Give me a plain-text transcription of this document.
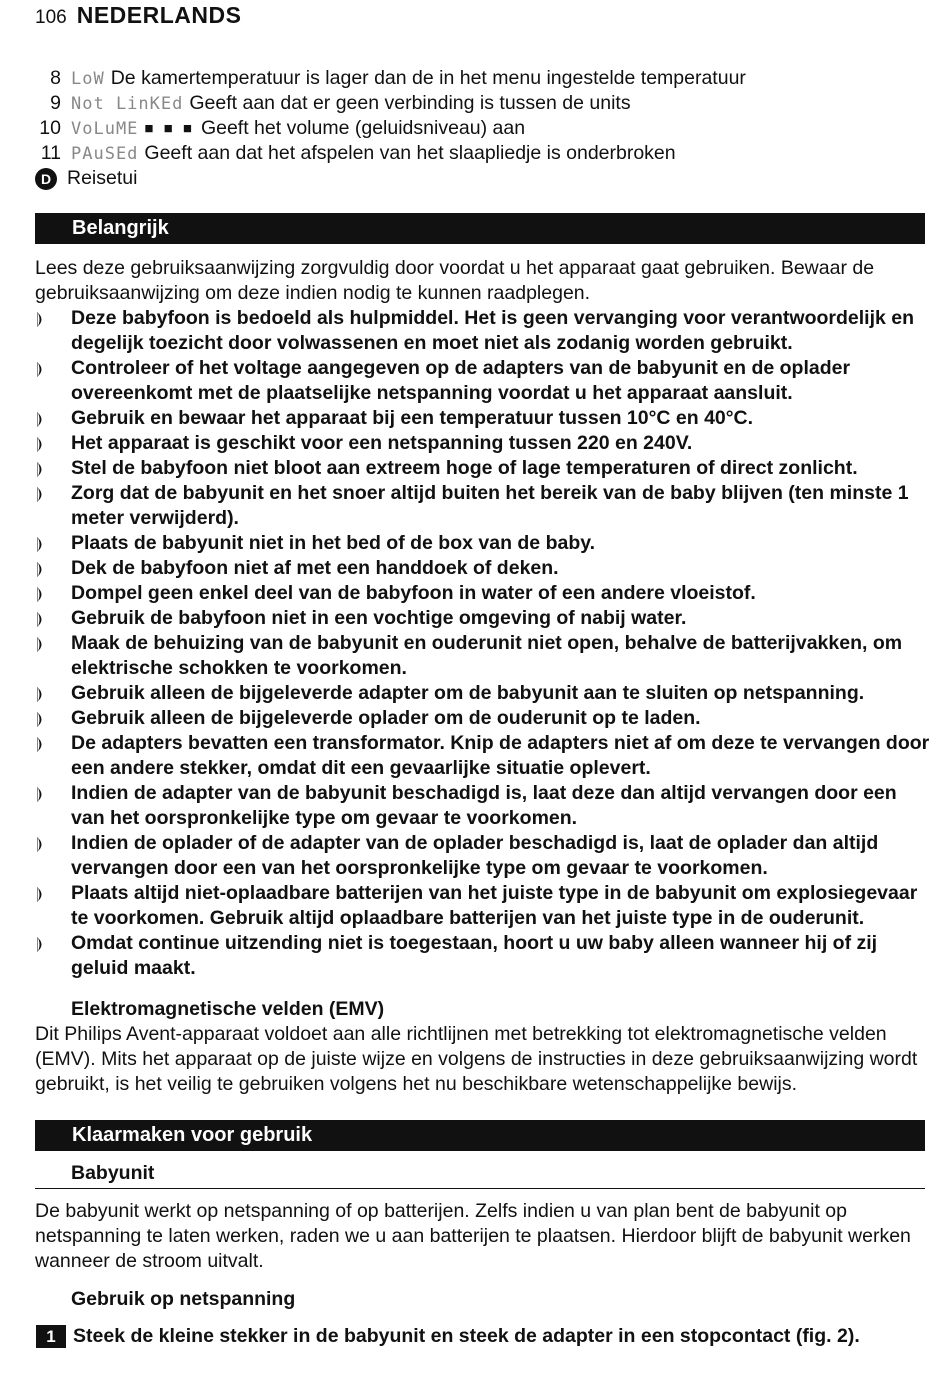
106 NEDERLANDS
8 LoW De kamertemperatuur is lager dan de in het menu ingestelde temperatuur
9 Not LinKEd Geeft aan dat er geen verbinding is tussen de units
10 VoLuME ■ ■ ■ Geeft het volume (geluidsniveau) aan
11 PAuSEd Geeft aan dat het afspelen van het slaapliedje is onderbroken
D Reisetui
Belangrijk
Lees deze gebruiksaanwijzing zorgvuldig door voordat u het apparaat gaat gebruiken. Bewaar de gebruiksaanwijzing om deze indien nodig te kunnen raadplegen.
Deze babyfoon is bedoeld als hulpmiddel. Het is geen vervanging voor verantwoordelijk en degelijk toezicht door volwassenen en moet niet als zodanig worden gebruikt.
Controleer of het voltage aangegeven op de adapters van de babyunit en de oplader overeenkomt met de plaatselijke netspanning voordat u het apparaat aansluit.
Gebruik en bewaar het apparaat bij een temperatuur tussen 10°C en 40°C.
Het apparaat is geschikt voor een netspanning tussen 220 en 240V.
Stel de babyfoon niet bloot aan extreem hoge of lage temperaturen of direct zonlicht.
Zorg dat de babyunit en het snoer altijd buiten het bereik van de baby blijven (ten minste 1 meter verwijderd).
Plaats de babyunit niet in het bed of de box van de baby.
Dek de babyfoon niet af met een handdoek of deken.
Dompel geen enkel deel van de babyfoon in water of een andere vloeistof.
Gebruik de babyfoon niet in een vochtige omgeving of nabij water.
Maak de behuizing van de babyunit en ouderunit niet open, behalve de batterijvakken, om elektrische schokken te voorkomen.
Gebruik alleen de bijgeleverde adapter om de babyunit aan te sluiten op netspanning.
Gebruik alleen de bijgeleverde oplader om de ouderunit op te laden.
De adapters bevatten een transformator. Knip de adapters niet af om deze te vervangen door een andere stekker, omdat dit een gevaarlijke situatie oplevert.
Indien de adapter van de babyunit beschadigd is, laat deze dan altijd vervangen door een van het oorspronkelijke type om gevaar te voorkomen.
Indien de oplader of de adapter van de oplader beschadigd is, laat de oplader dan altijd vervangen door een van het oorspronkelijke type om gevaar te voorkomen.
Plaats altijd niet-oplaadbare batterijen van het juiste type in de babyunit om explosiegevaar te voorkomen. Gebruik altijd oplaadbare batterijen van het juiste type in de ouderunit.
Omdat continue uitzending niet is toegestaan, hoort u uw baby alleen wanneer hij of zij geluid maakt.
Elektromagnetische velden (EMV)
Dit Philips Avent-apparaat voldoet aan alle richtlijnen met betrekking tot elektromagnetische velden (EMV). Mits het apparaat op de juiste wijze en volgens de instructies in deze gebruiksaanwijzing wordt gebruikt, is het veilig te gebruiken volgens het nu beschikbare wetenschappelijke bewijs.
Klaarmaken voor gebruik
Babyunit
De babyunit werkt op netspanning of op batterijen. Zelfs indien u van plan bent de babyunit op netspanning te laten werken, raden we u aan batterijen te plaatsen. Hierdoor blijft de babyunit werken wanneer de stroom uitvalt.
Gebruik op netspanning
1 Steek de kleine stekker in de babyunit en steek de adapter in een stopcontact (fig. 2).
